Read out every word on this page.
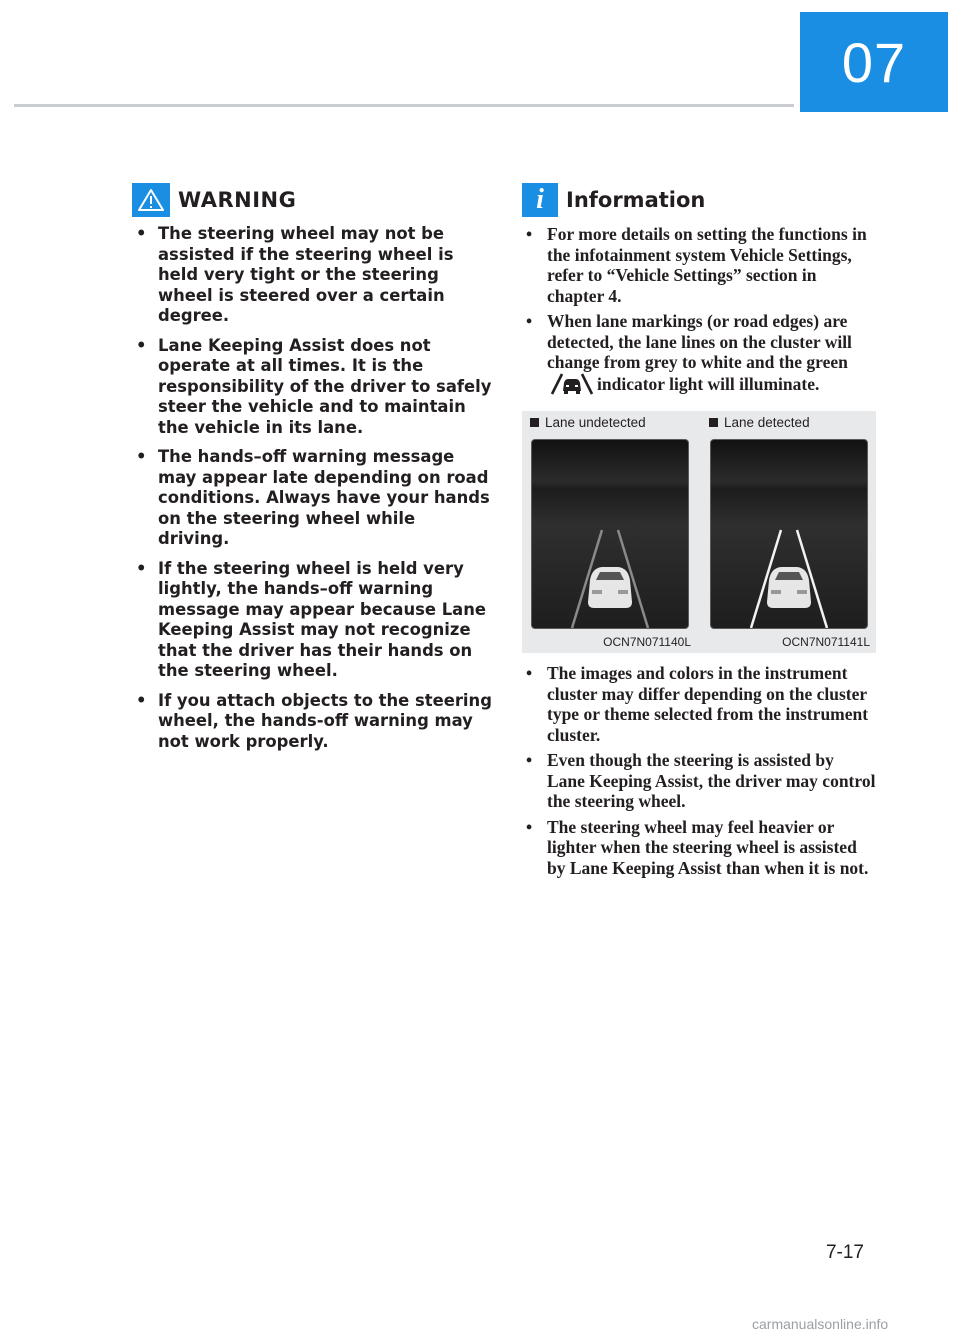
07
WARNING
• The steering wheel may not be assisted if the steering wheel is held very tight or the steering wheel is steered over a certain degree.
• Lane Keeping Assist does not operate at all times. It is the responsibility of the driver to safely steer the vehicle and to maintain the vehicle in its lane.
• The hands–off warning message may appear late depending on road conditions. Always have your hands on the steering wheel while driving.
• If the steering wheel is held very lightly, the hands–off warning message may appear because Lane Keeping Assist may not recognize that the driver has their hands on the steering wheel.
• If you attach objects to the steering wheel, the hands-off warning may not work properly.
i	Information
• For more details on setting the functions in the infotainment system Vehicle Settings, refer to “Vehicle Settings” section in chapter 4.
• When lane markings (or road edges) are detected, the lane lines on the cluster will change from grey to white and the greenindicator light will illuminate.
Lane undetected
OCN7N071140L
Lane detected
OCN7N071141L
• The images and colors in the instrument cluster may differ depending on the cluster type or theme selected from the instrument cluster.
• Even though the steering is assisted by Lane Keeping Assist, the driver may control the steering wheel.
• The steering wheel may feel heavier or lighter when the steering wheel is assisted by Lane Keeping Assist than when it is not.
7-17
carmanualsonline.info
